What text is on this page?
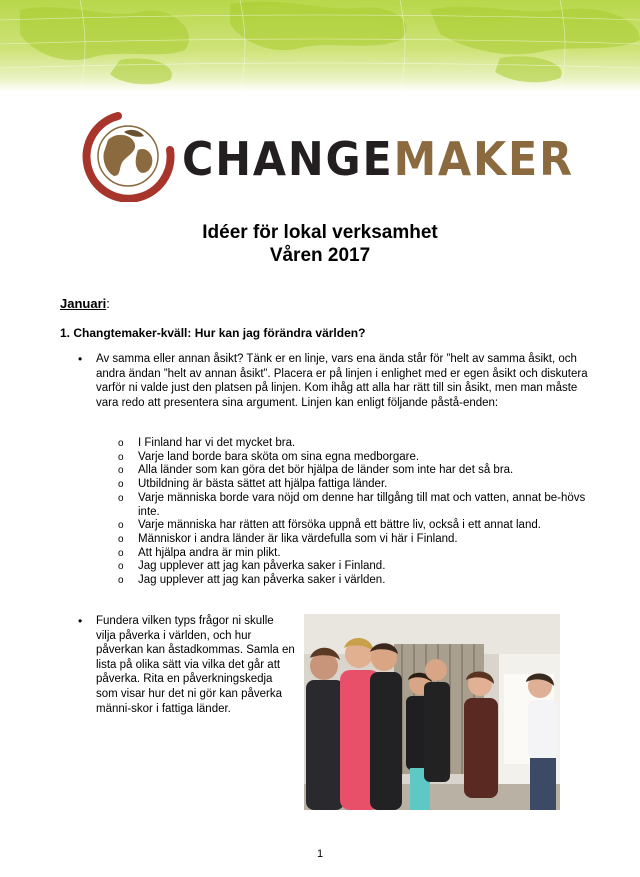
CHANGEMAKER
Idéer för lokal verksamhet
Våren 2017
Januari:
1. Changtemaker-kväll: Hur kan jag förändra världen?
• Av samma eller annan åsikt? Tänk er en linje, vars ena ända står för ”helt av samma åsikt, och andra ändan ”helt av annan åsikt”. Placera er på linjen i enlighet med er egen åsikt och diskutera varför ni valde just den platsen på linjen. Kom ihåg att alla har rätt till sin åsikt, men man måste vara redo att presentera sina argument. Linjen kan enligt följande påstå-enden:
o I Finland har vi det mycket bra.
o Varje land borde bara sköta om sina egna medborgare.
o Alla länder som kan göra det bör hjälpa de länder som inte har det så bra.
o Utbildning är bästa sättet att hjälpa fattiga länder.
o Varje människa borde vara nöjd om denne har tillgång till mat och vatten, annat be-hövs inte.
o Varje människa har rätten att försöka uppnå ett bättre liv, också i ett annat land.
o Människor i andra länder är lika värdefulla som vi här i Finland.
o Att hjälpa andra är min plikt.
o Jag upplever att jag kan påverka saker i Finland.
o Jag upplever att jag kan påverka saker i världen.
• Fundera vilken typs frågor ni skulle vilja påverka i världen, och hur påverkan kan åstadkommas. Samla en lista på olika sätt via vilka det går att påverka. Rita en påverkningskedja som visar hur det ni gör kan påverka männi-skor i fattiga länder.
1
